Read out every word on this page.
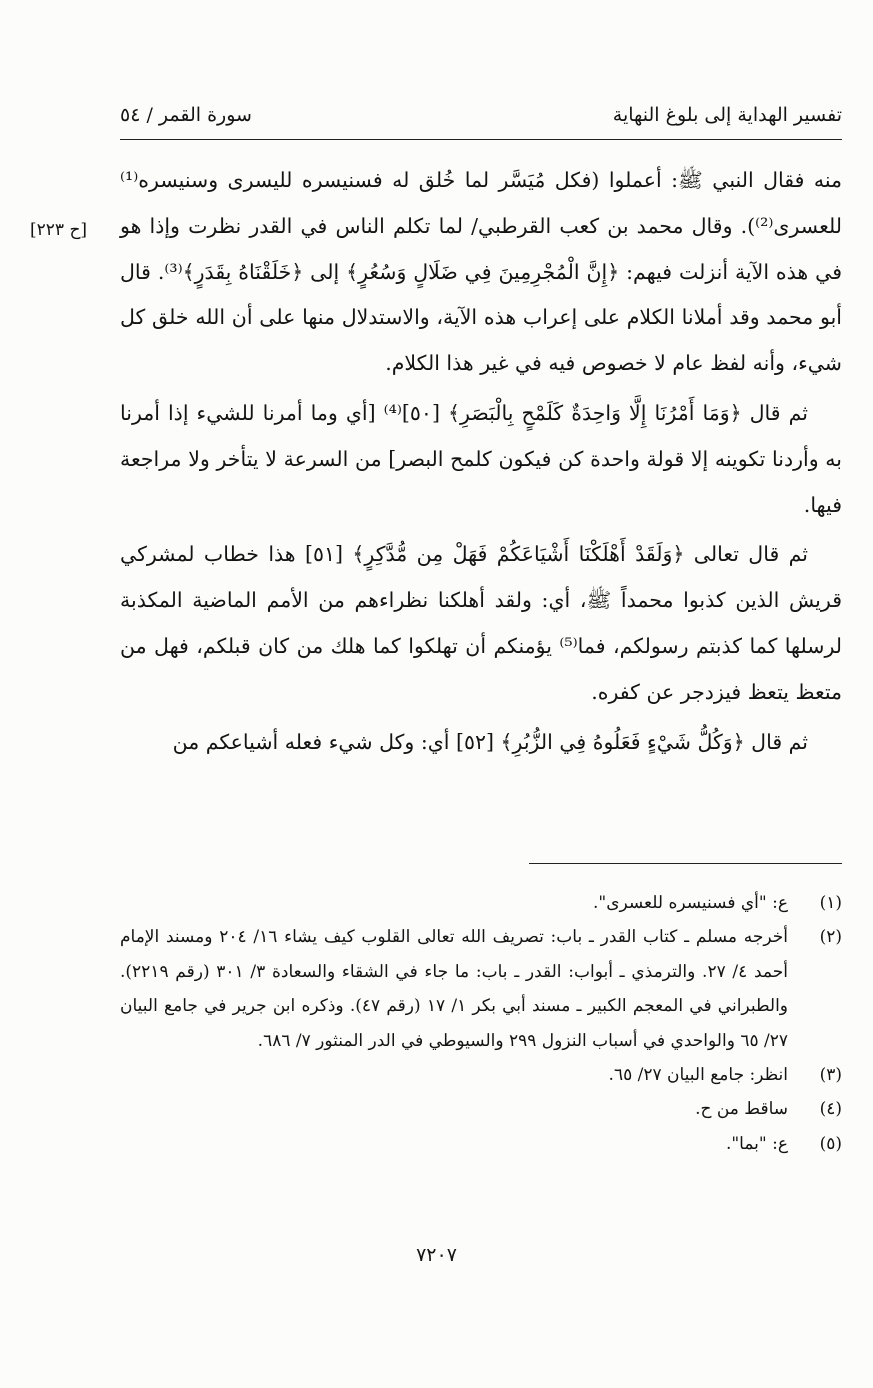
تفسير الهداية إلى بلوغ النهاية
سورة القمر / ٥٤
[ح ٢٢٣]

منه فقال النبي ﷺ: أعملوا (فكل مُيَسَّر لما خُلق له فسنيسره لليسرى وسنيسره⁽¹⁾ للعسرى⁽²⁾). وقال محمد بن كعب القرطبي/ لما تكلم الناس في القدر نظرت وإذا هو في هذه الآية أنزلت فيهم: ﴿إِنَّ الْمُجْرِمِينَ فِي ضَلَالٍ وَسُعُرٍ﴾ إلى ﴿خَلَقْنَاهُ بِقَدَرٍ﴾⁽³⁾. قال أبو محمد وقد أملانا الكلام على إعراب هذه الآية، والاستدلال منها على أن الله خلق كل شيء، وأنه لفظ عام لا خصوص فيه في غير هذا الكلام.

ثم قال ﴿وَمَا أَمْرُنَا إِلَّا وَاحِدَةٌ كَلَمْحٍ بِالْبَصَرِ﴾ [٥٠]⁽⁴⁾ [أي وما أمرنا للشيء إذا أمرنا به وأردنا تكوينه إلا قولة واحدة كن فيكون كلمح البصر] من السرعة لا يتأخر ولا مراجعة فيها.

ثم قال تعالى ﴿وَلَقَدْ أَهْلَكْنَا أَشْيَاعَكُمْ فَهَلْ مِن مُّدَّكِرٍ﴾ [٥١] هذا خطاب لمشركي قريش الذين كذبوا محمداً ﷺ، أي: ولقد أهلكنا نظراءهم من الأمم الماضية المكذبة لرسلها كما كذبتم رسولكم، فما⁽⁵⁾ يؤمنكم أن تهلكوا كما هلك من كان قبلكم، فهل من متعظ يتعظ فيزدجر عن كفره.

ثم قال ﴿وَكُلُّ شَيْءٍ فَعَلُوهُ فِي الزُّبُرِ﴾ [٥٢] أي: وكل شيء فعله أشياعكم من

(١)
ع: "أي فسنيسره للعسرى".
(٢)
أخرجه مسلم ـ كتاب القدر ـ باب: تصريف الله تعالى القلوب كيف يشاء ١٦/ ٢٠٤ ومسند الإمام أحمد ٤/ ٢٧. والترمذي ـ أبواب: القدر ـ باب: ما جاء في الشقاء والسعادة ٣/ ٣٠١ (رقم ٢٢١٩). والطبراني في المعجم الكبير ـ مسند أبي بكر ١/ ١٧ (رقم ٤٧). وذكره ابن جرير في جامع البيان ٢٧/ ٦٥ والواحدي في أسباب النزول ٢٩٩ والسيوطي في الدر المنثور ٧/ ٦٨٦.
(٣)
انظر: جامع البيان ٢٧/ ٦٥.
(٤)
ساقط من ح.
(٥)
ع: "بما".
٧٢٠٧
